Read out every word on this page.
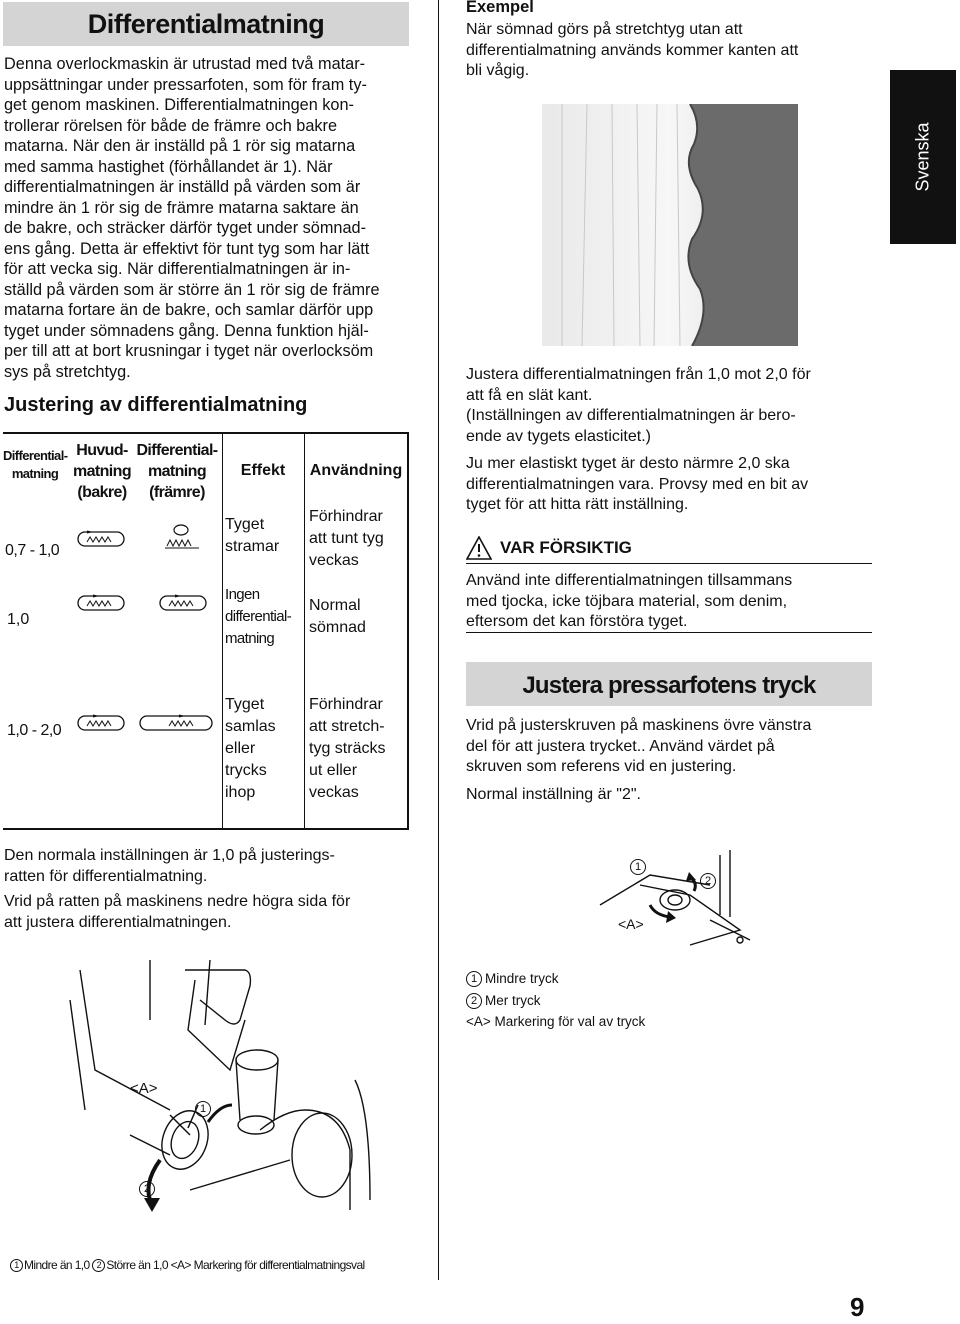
Differentialmatning

Denna overlockmaskin är utrustad med två matar-

uppsättningar under pressarfoten, som för fram ty-

get genom maskinen. Differentialmatningen kon-

trollerar rörelsen för både de främre och bakre

matarna. När den är inställd på 1 rör sig matarna

med samma hastighet (förhållandet är 1). När

differentialmatningen är inställd på värden som är

mindre än 1 rör sig de främre matarna saktare än

de bakre, och sträcker därför tyget under sömnad-

ens gång. Detta är effektivt för tunt tyg som har lätt

för att vecka sig. När differentialmatningen är in-

ställd på värden som är större än 1 rör sig de främre

matarna fortare än de bakre, och samlar därför upp

tyget under sömnadens gång. Denna funktion hjäl-

per till att at bort krusningar i tyget när overlocksöm

sys på stretchtyg.

Justering av differentialmatning
Differential-
matning
Huvud-
matning
(bakre)
Differential-
matning
(främre)
Effekt	Användning
0,7 - 1,0
Tyget
stramar
Förhindrar
att tunt tyg
veckas
1,0
Ingen
differential-
matning
Normal
sömnad
1,0 - 2,0
Tyget
samlas
eller
trycks
ihop
Förhindrar
att stretch-
tyg sträcks
ut eller
veckas

Den normala inställningen är 1,0 på justerings-

ratten för differentialmatning.

Vrid på ratten på maskinens nedre högra sida för

att justera differentialmatningen.

<A>
1
2
1 Mindre än 1,0 2 Större än 1,0 <A> Markering för differentialmatningsval
Exempel

När sömnad görs på stretchtyg utan att

differentialmatning används kommer kanten att

bli vågig.

Justera differentialmatningen från 1,0 mot 2,0 för

att få en slät kant.

(Inställningen av differentialmatningen är bero-

ende av tygets elasticitet.)

Ju mer elastiskt tyget är desto närmre 2,0 ska

differentialmatningen vara. Provsy med en bit av

tyget för att hitta rätt inställning.

VAR FÖRSIKTIG

Använd inte differentialmatningen tillsammans

med tjocka, icke töjbara material, som denim,

eftersom det kan förstöra tyget.

Justera pressarfotens tryck

Vrid på justerskruven på maskinens övre vänstra

del för att justera trycket.. Använd värdet på

skruven som referens vid en justering.

Normal inställning är "2".
1
2
<A>
1 Mindre tryck
2 Mer tryck
<A> Markering för val av tryck
Svenska
9
